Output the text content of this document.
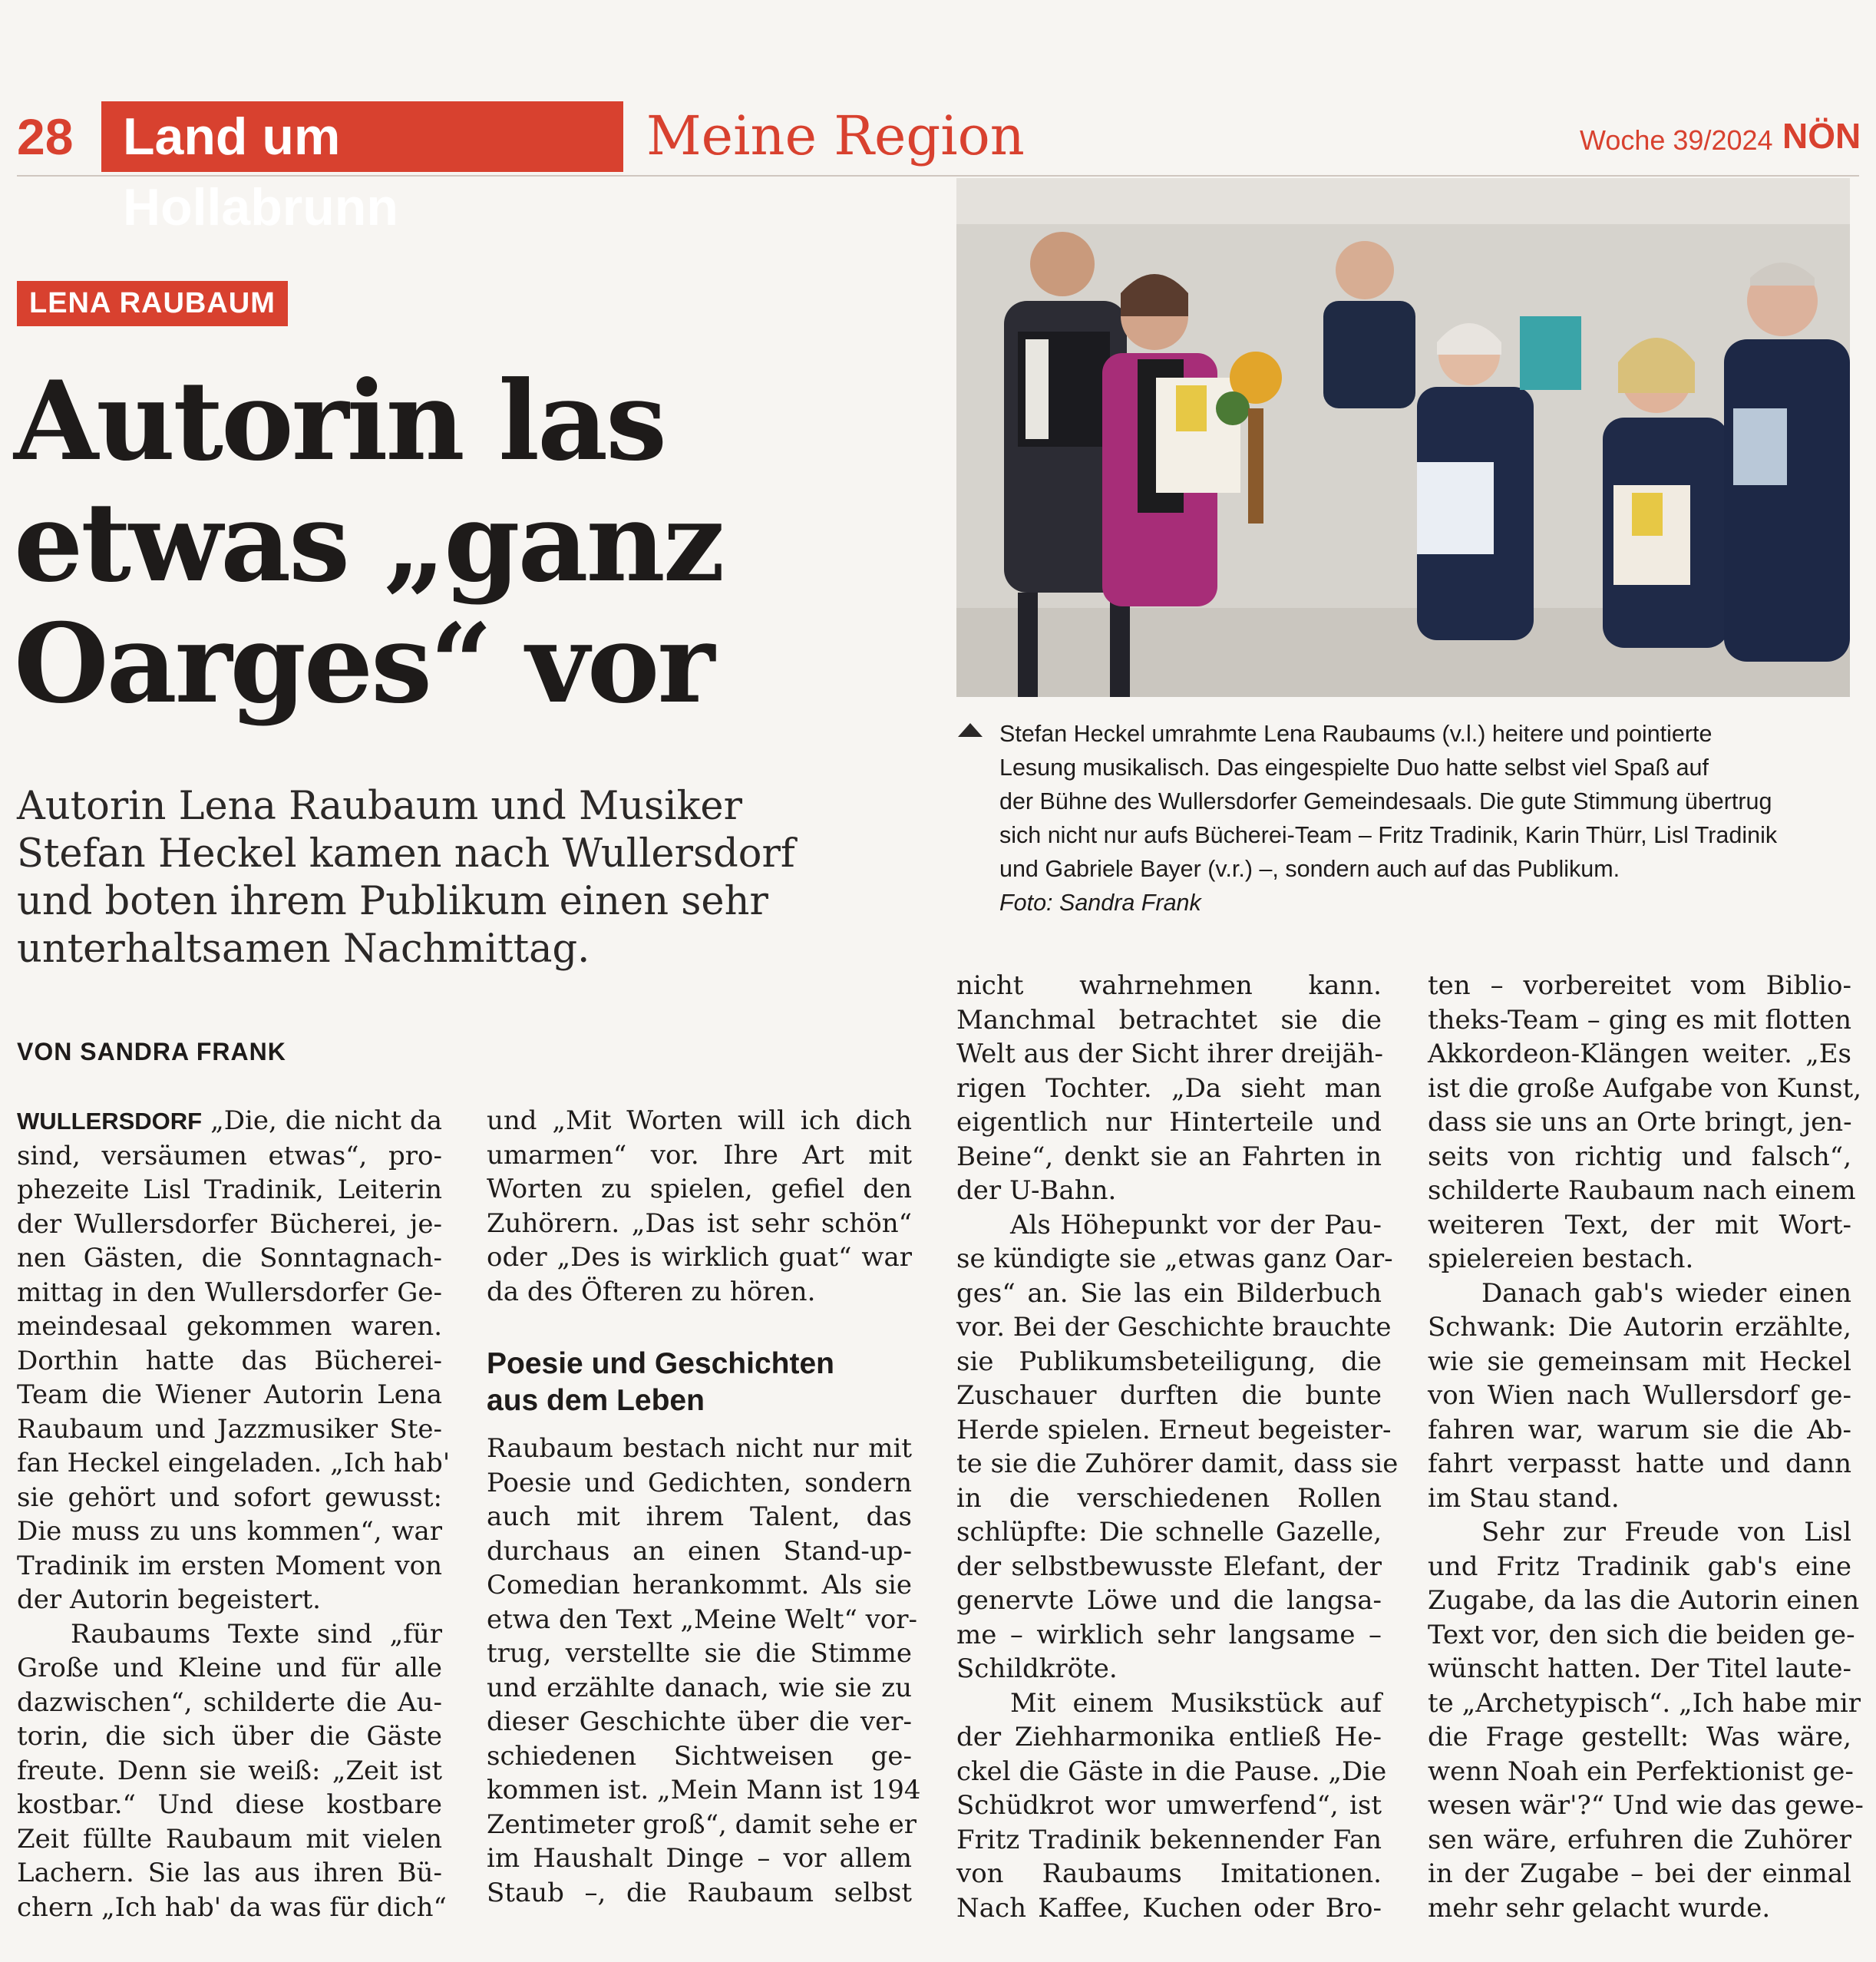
28 Land um Hollabrunn
Meine Region	Woche 39/2024 NÖN
LENA RAUBAUM
Autorin las
etwas „ganz
Oarges“ vor
Autorin Lena Raubaum und Musiker
Stefan Heckel kamen nach Wullersdorf
und boten ihrem Publikum einen sehr
unterhaltsamen Nachmittag.
VON SANDRA FRANK
Stefan Heckel umrahmte Lena Raubaums (v.l.) heitere und pointierte
Lesung musikalisch. Das eingespielte Duo hatte selbst viel Spaß auf
der Bühne des Wullersdorfer Gemeindesaals. Die gute Stimmung übertrug
sich nicht nur aufs Bücherei-Team – Fritz Tradinik, Karin Thürr, Lisl Tradinik
und Gabriele Bayer (v.r.) –, sondern auch auf das Publikum.
Foto: Sandra Frank

WULLERSDORF „Die, die nicht da

sind, versäumen etwas“, pro-
phezeite Lisl Tradinik, Leiterin
der Wullersdorfer Bücherei, je-
nen Gästen, die Sonntagnach-
mittag in den Wullersdorfer Ge-
meindesaal gekommen waren.
Dorthin hatte das Bücherei-
Team die Wiener Autorin Lena
Raubaum und Jazzmusiker Ste-
fan Heckel eingeladen. „Ich hab'
sie gehört und sofort gewusst:
Die muss zu uns kommen“, war
Tradinik im ersten Moment von
der Autorin begeistert.
Raubaums Texte sind „für
Große und Kleine und für alle
dazwischen“, schilderte die Au-
torin, die sich über die Gäste
freute. Denn sie weiß: „Zeit ist
kostbar.“ Und diese kostbare
Zeit füllte Raubaum mit vielen
Lachern. Sie las aus ihren Bü-
chern „Ich hab' da was für dich“
und „Mit Worten will ich dich
umarmen“ vor. Ihre Art mit
Worten zu spielen, gefiel den
Zuhörern. „Das ist sehr schön“
oder „Des is wirklich guat“ war
da des Öfteren zu hören.
Poesie und Geschichten
aus dem Leben
Raubaum bestach nicht nur mit
Poesie und Gedichten, sondern
auch mit ihrem Talent, das
durchaus an einen Stand-up-
Comedian herankommt. Als sie
etwa den Text „Meine Welt“ vor-
trug, verstellte sie die Stimme
und erzählte danach, wie sie zu
dieser Geschichte über die ver-
schiedenen Sichtweisen ge-
kommen ist. „Mein Mann ist 194
Zentimeter groß“, damit sehe er
im Haushalt Dinge – vor allem
Staub –, die Raubaum selbst
nicht wahrnehmen kann.
Manchmal betrachtet sie die
Welt aus der Sicht ihrer dreijäh-
rigen Tochter. „Da sieht man
eigentlich nur Hinterteile und
Beine“, denkt sie an Fahrten in
der U-Bahn.
Als Höhepunkt vor der Pau-
se kündigte sie „etwas ganz Oar-
ges“ an. Sie las ein Bilderbuch
vor. Bei der Geschichte brauchte
sie Publikumsbeteiligung, die
Zuschauer durften die bunte
Herde spielen. Erneut begeister-
te sie die Zuhörer damit, dass sie
in die verschiedenen Rollen
schlüpfte: Die schnelle Gazelle,
der selbstbewusste Elefant, der
genervte Löwe und die langsa-
me – wirklich sehr langsame –
Schildkröte.
Mit einem Musikstück auf
der Ziehharmonika entließ He-
ckel die Gäste in die Pause. „Die
Schüdkrot wor umwerfend“, ist
Fritz Tradinik bekennender Fan
von Raubaums Imitationen.
Nach Kaffee, Kuchen oder Bro-
ten – vorbereitet vom Biblio-
theks-Team – ging es mit flotten
Akkordeon-Klängen weiter. „Es
ist die große Aufgabe von Kunst,
dass sie uns an Orte bringt, jen-
seits von richtig und falsch“,
schilderte Raubaum nach einem
weiteren Text, der mit Wort-
spielereien bestach.
Danach gab's wieder einen
Schwank: Die Autorin erzählte,
wie sie gemeinsam mit Heckel
von Wien nach Wullersdorf ge-
fahren war, warum sie die Ab-
fahrt verpasst hatte und dann
im Stau stand.
Sehr zur Freude von Lisl
und Fritz Tradinik gab's eine
Zugabe, da las die Autorin einen
Text vor, den sich die beiden ge-
wünscht hatten. Der Titel laute-
te „Archetypisch“. „Ich habe mir
die Frage gestellt: Was wäre,
wenn Noah ein Perfektionist ge-
wesen wär'?“ Und wie das gewe-
sen wäre, erfuhren die Zuhörer
in der Zugabe – bei der einmal
mehr sehr gelacht wurde.
